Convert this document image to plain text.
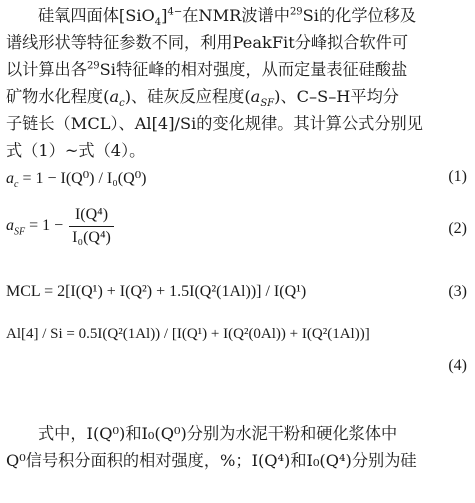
硅氧四面体$[SiO_4]^{4-}$在NMR波谱中$^{29}$Si的化学位移及
谱线形状等特征参数不同，利用PeakFit分峰拟合软件可
以计算出各$^{29}$Si特征峰的相对强度，从而定量表征硅酸盐
矿物水化程度$(a_c)$、硅灰反应程度$(a_{SF})$、C–S–H平均分
子链长（MCL）、Al[4]/Si的变化规律。其计算公式分别见
式（1）~式（4）。
$a_c = 1 - I(Q^0) / I_0(Q^0)$	(1)
$a_{SF} = 1 - \frac{\text{I(Q⁴)}}{\text{I₀(Q⁴)}}$	(2)
MCL = 2[I(Q¹) + I(Q²) + 1.5I(Q²(1Al))] / I(Q¹)	(3)
Al[4] / Si = 0.5I(Q²(1Al)) / [I(Q¹) + I(Q²(0Al)) + I(Q²(1Al))]
(4)
式中，I(Q⁰)和I₀(Q⁰)分别为水泥干粉和硬化浆体中
Q⁰信号积分面积的相对强度，%；I(Q⁴)和I₀(Q⁴)分别为硅
